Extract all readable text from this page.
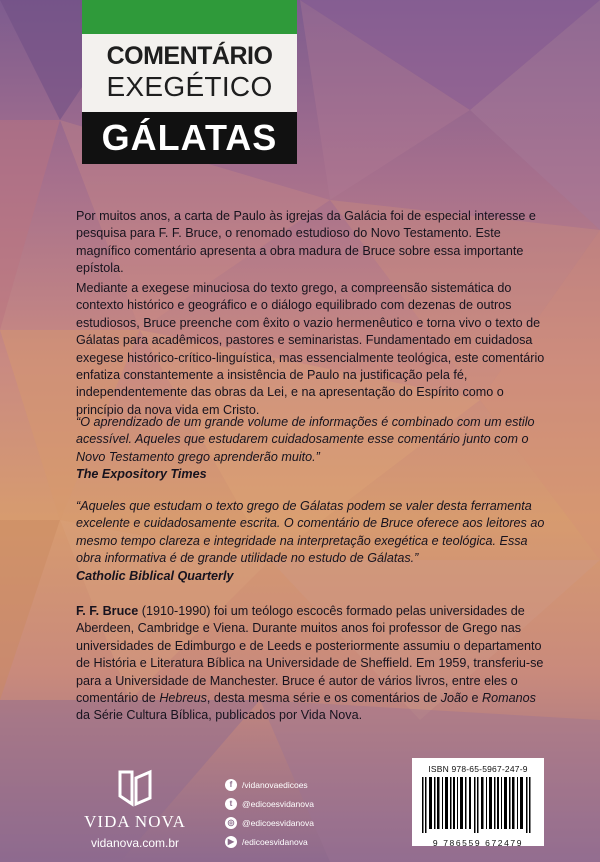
COMENTÁRIO
EXEGÉTICO
GÁLATAS

Por muitos anos, a carta de Paulo às igrejas da Galácia foi de especial interesse e pesquisa para F. F. Bruce, o renomado estudioso do Novo Testamento. Este magnífico comentário apresenta a obra madura de Bruce sobre essa importante epístola.

Mediante a exegese minuciosa do texto grego, a compreensão sistemática do contexto histórico e geográfico e o diálogo equilibrado com dezenas de outros estudiosos, Bruce preenche com êxito o vazio hermenêutico e torna vivo o texto de Gálatas para acadêmicos, pastores e seminaristas. Fundamentado em cuidadosa exegese histórico-crítico-linguística, mas essencialmente teológica, este comentário enfatiza constantemente a insistência de Paulo na justificação pela fé, independentemente das obras da Lei, e na apresentação do Espírito como o princípio da nova vida em Cristo.

“O aprendizado de um grande volume de informações é combinado com um estilo acessível. Aqueles que estudarem cuidadosamente esse comentário junto com o Novo Testamento grego aprenderão muito.”
The Expository Times
“Aqueles que estudam o texto grego de Gálatas podem se valer desta ferramenta excelente e cuidadosamente escrita. O comentário de Bruce oferece aos leitores ao mesmo tempo clareza e integridade na interpretação exegética e teológica. Essa obra informativa é de grande utilidade no estudo de Gálatas.”
Catholic Biblical Quarterly

F. F. Bruce (1910-1990) foi um teólogo escocês formado pelas universidades de Aberdeen, Cambridge e Viena. Durante muitos anos foi professor de Grego nas universidades de Edimburgo e de Leeds e posteriormente assumiu o departamento de História e Literatura Bíblica na Universidade de Sheffield. Em 1959, transferiu-se para a Universidade de Manchester. Bruce é autor de vários livros, entre eles o comentário de Hebreus, desta mesma série e os comentários de João e Romanos da Série Cultura Bíblica, publicados por Vida Nova.

VIDA NOVA
vidanova.com.br
f	/vidanovaedicoes
t	@edicoesvidanova
◎ @edicoesvidanova
▶ /edicoesvidanova
ISBN 978-65-5967-247-9
9 786559 672479
